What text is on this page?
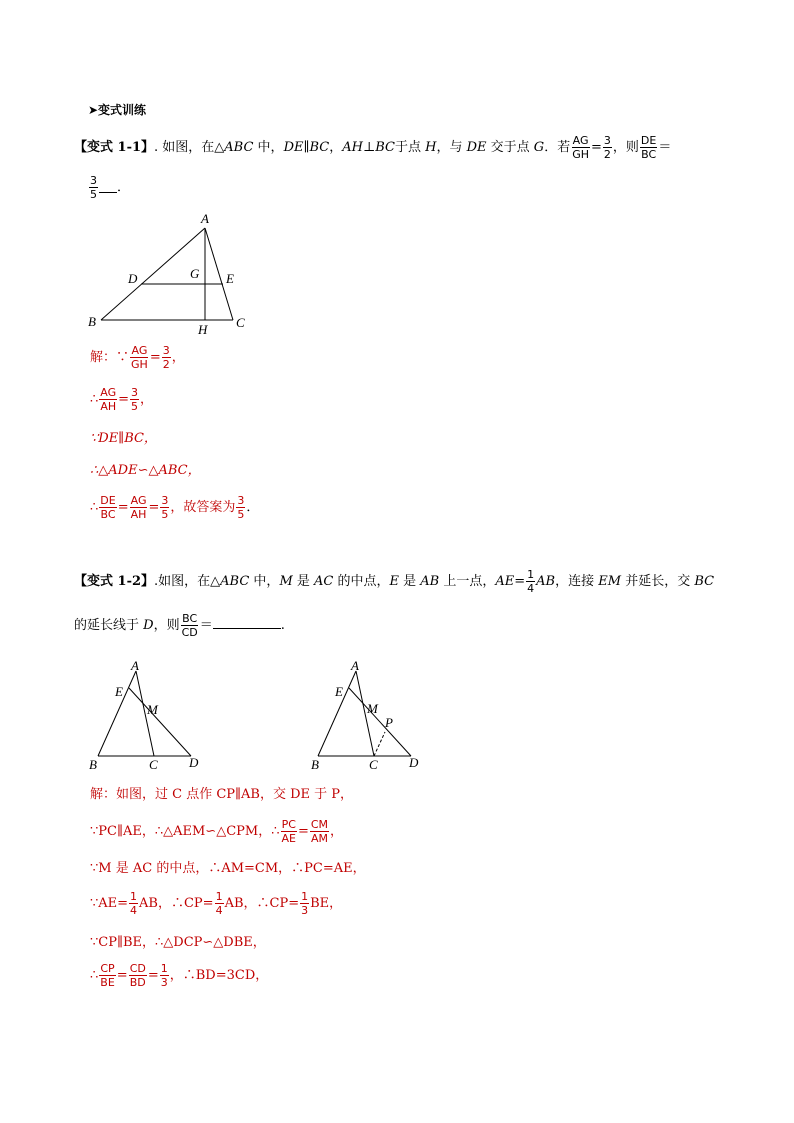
➤变式训练
【变式 1-1】. 如图，在△ABC 中，DE∥BC，AH⊥BC于点 H，与 DE 交于点 G．若 $\frac{AG}{GH} = \frac{3}{2}$ ，则 $\frac{DE}{BC}$ ＝
$\frac{3}{5}$ ．
A
B	C
D	E
G
H
解：∵ $\frac{AG}{GH} = \frac{3}{2}$ ，
∴ $\frac{AG}{AH} = \frac{3}{5}$ ，
∵DE∥BC，
∴△ADE∽△ABC，
∴ $\frac{DE}{BC} = \frac{AG}{AH} = \frac{3}{5}$ ，故答案为 $\frac{3}{5}$ ．
【变式 1-2】.如图，在△ABC 中，M 是 AC 的中点，E 是 AB 上一点，$AE= \frac{1}{4}$ AB，连接 EM 并延长，交 BC
的延长线于 D，则 $\frac{BC}{CD}$ ＝	.
A
B	C D
E
M
A
B	C D
E
M
P
解：如图，过 C 点作 CP∥AB，交 DE 于 P，
∵PC∥AE，∴△AEM∽△CPM，∴ $\frac{PC}{AE} = \frac{CM}{AM}$ ，
∵M 是 AC 的中点，∴AM=CM，∴PC=AE，
∵AE= $\frac{1}{4}$ AB，∴CP= $\frac{1}{4}$ AB，∴CP= $\frac{1}{3}$ BE，
∵CP∥BE，∴△DCP∽△DBE，
∴ $\frac{CP}{BE} = \frac{CD}{BD} = \frac{1}{3}$ ，∴BD=3CD，
